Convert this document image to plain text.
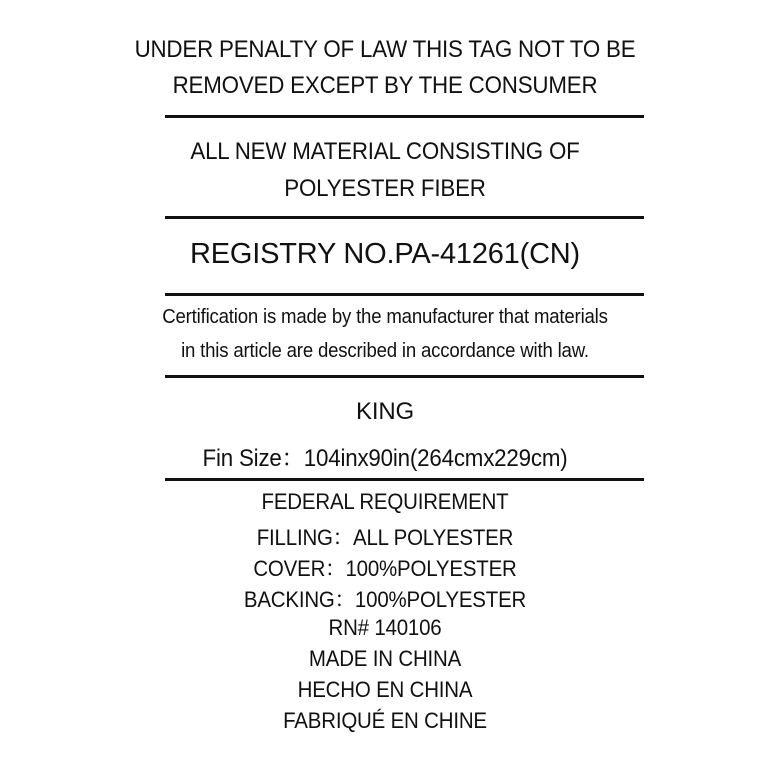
UNDER PENALTY OF LAW THIS TAG NOT TO BE
REMOVED EXCEPT BY THE CONSUMER
ALL NEW MATERIAL CONSISTING OF
POLYESTER FIBER
REGISTRY NO.PA-41261(CN)
Certification is made by the manufacturer that materials
in this article are described in accordance with law.
KING
Fin Size：104inx90in(264cmx229cm)
FEDERAL REQUIREMENT
FILLING：ALL POLYESTER
COVER：100%POLYESTER
BACKING：100%POLYESTER
RN# 140106
MADE IN CHINA
HECHO EN CHINA
FABRIQUÉ EN CHINE
